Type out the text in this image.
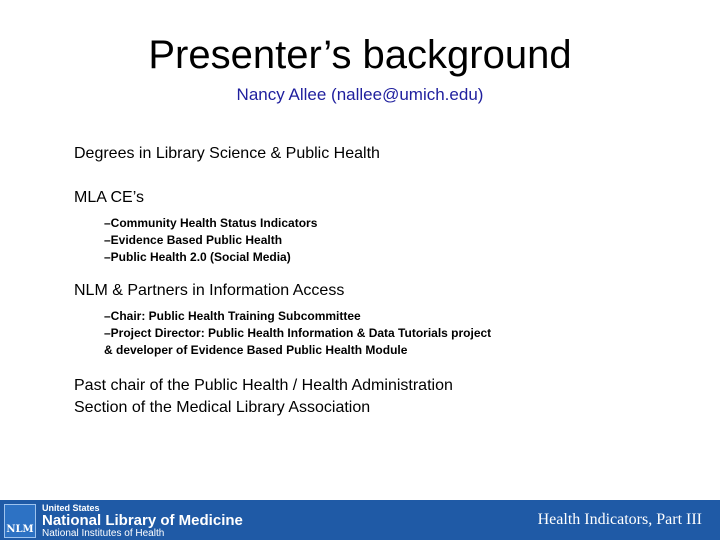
Presenter’s background
Nancy Allee (nallee@umich.edu)
Degrees in Library Science & Public Health
MLA CE’s
–Community Health Status Indicators
–Evidence Based Public Health
–Public Health 2.0 (Social Media)
NLM & Partners in Information Access
–Chair: Public Health Training Subcommittee
–Project Director: Public Health Information & Data Tutorials project
& developer of Evidence Based Public Health Module
Past chair of the Public Health / Health Administration
Section of the Medical Library Association
NLM
United States
National Library of Medicine
National Institutes of Health
Health Indicators, Part III
